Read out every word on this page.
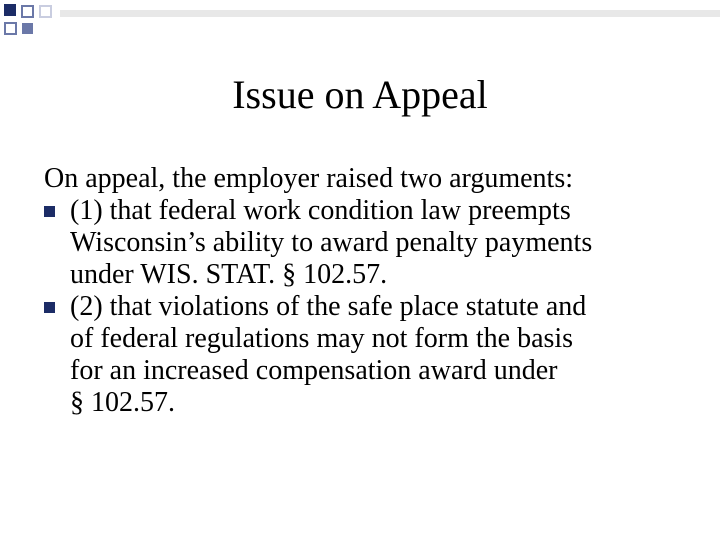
Issue on Appeal
On appeal, the employer raised two arguments:
(1) that federal work condition law preempts
Wisconsin’s ability to award penalty payments
under WIS. STAT. § 102.57.
(2) that violations of the safe place statute and
of federal regulations may not form the basis
for an increased compensation award under
§ 102.57.
